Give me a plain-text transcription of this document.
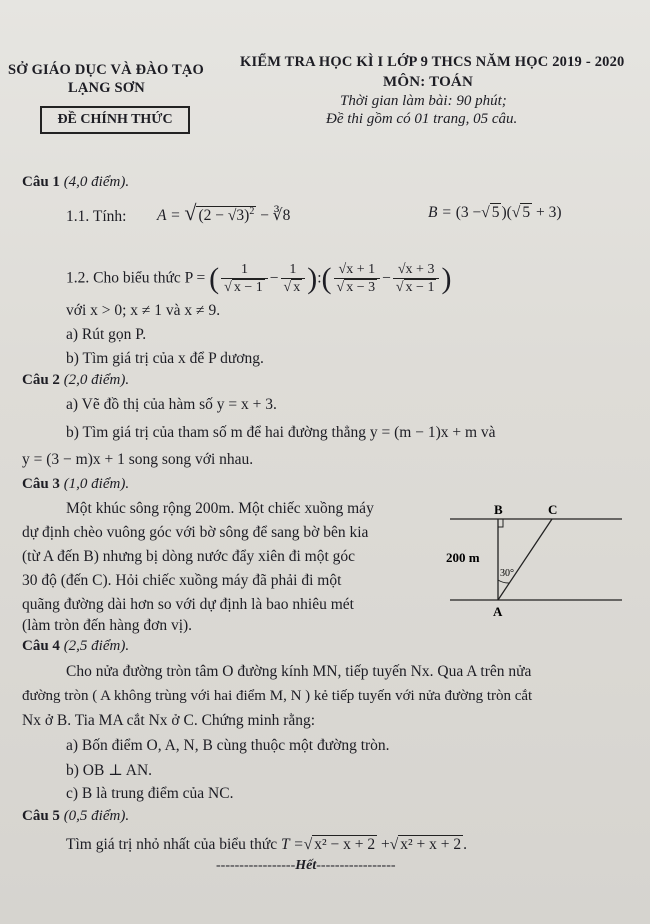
SỞ GIÁO DỤC VÀ ĐÀO TẠO
LẠNG SƠN
ĐỀ CHÍNH THỨC
KIỂM TRA HỌC KÌ I LỚP 9 THCS NĂM HỌC 2019 - 2020
MÔN: TOÁN
Thời gian làm bài: 90 phút;
Đề thi gồm có 01 trang, 05 câu.
Câu 1 (4,0 điểm).
1.1. Tính: A = √ $(2 - √3)^2$ − ∛8	B = (3 −√ 5 )(√ 5 + 3)
1.2. Cho biểu thức P = ( $\frac{1}{√ x - 1} - \frac{1}{√ x}$ ):( $\frac{√x + 1}{√ x - 3} - \frac{√x + 3}{√ x - 1}$ )
với x > 0; x ≠ 1 và x ≠ 9.
a) Rút gọn P.
b) Tìm giá trị của x để P dương.
Câu 2 (2,0 điểm).
a) Vẽ đồ thị của hàm số y = x + 3.
b) Tìm giá trị của tham số m để hai đường thẳng y = (m − 1)x + m và
y = (3 − m)x + 1 song song với nhau.
Câu 3 (1,0 điểm).
Một khúc sông rộng 200m. Một chiếc xuồng máy
dự định chèo vuông góc với bờ sông để sang bờ bên kia
(từ A đến B) nhưng bị dòng nước đẩy xiên đi một góc
30 độ (đến C). Hỏi chiếc xuồng máy đã phải đi một
quãng đường dài hơn so với dự định là bao nhiêu mét
(làm tròn đến hàng đơn vị).
B	C
A
200 m
30°
Câu 4 (2,5 điểm).
Cho nửa đường tròn tâm O đường kính MN, tiếp tuyến Nx. Qua A trên nửa
đường tròn ( A không trùng với hai điểm M, N ) kẻ tiếp tuyến với nửa đường tròn cắt
Nx ở B. Tia MA cắt Nx ở C. Chứng minh rằng:
a) Bốn điểm O, A, N, B cùng thuộc một đường tròn.
b) OB ⊥ AN.
c) B là trung điểm của NC.
Câu 5 (0,5 điểm).
Tìm giá trị nhỏ nhất của biểu thức T =√ x² − x + 2 +√ x² + x + 2 .
-----------------Hết-----------------
